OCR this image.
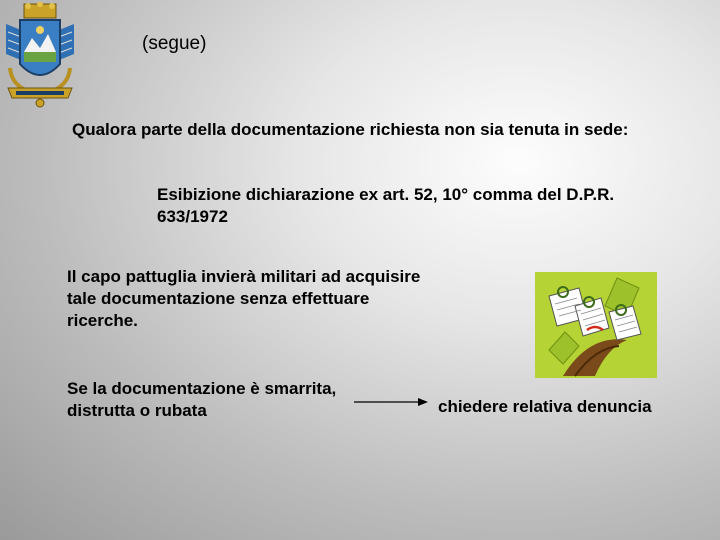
(segue)
Qualora parte della documentazione richiesta non sia tenuta in sede:
Esibizione dichiarazione ex art. 52, 10° comma del D.P.R. 633/1972
Il capo pattuglia invierà militari ad acquisire tale documentazione senza effettuare ricerche.
Se la documentazione è smarrita, distrutta o rubata	chiedere relativa denuncia
